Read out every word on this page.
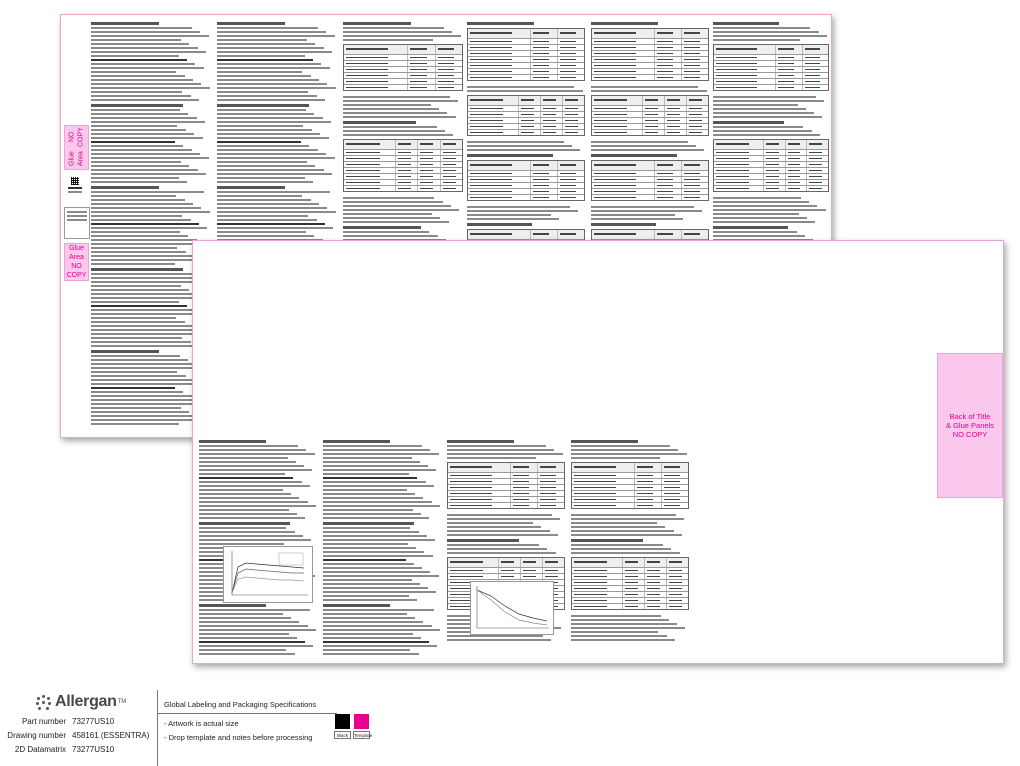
Glue Area
NO COPY
Glue Area
NO COPY
Back of Title
& Glue Panels
NO COPY
Allergan TM	Global Labeling and Packaging Specifications
Part number 73277US10
Drawing number 458161 (ESSENTRA)
2D Datamatrix 73277US10
- Artwork is actual size
- Drop template and notes before processing	Black	Template
